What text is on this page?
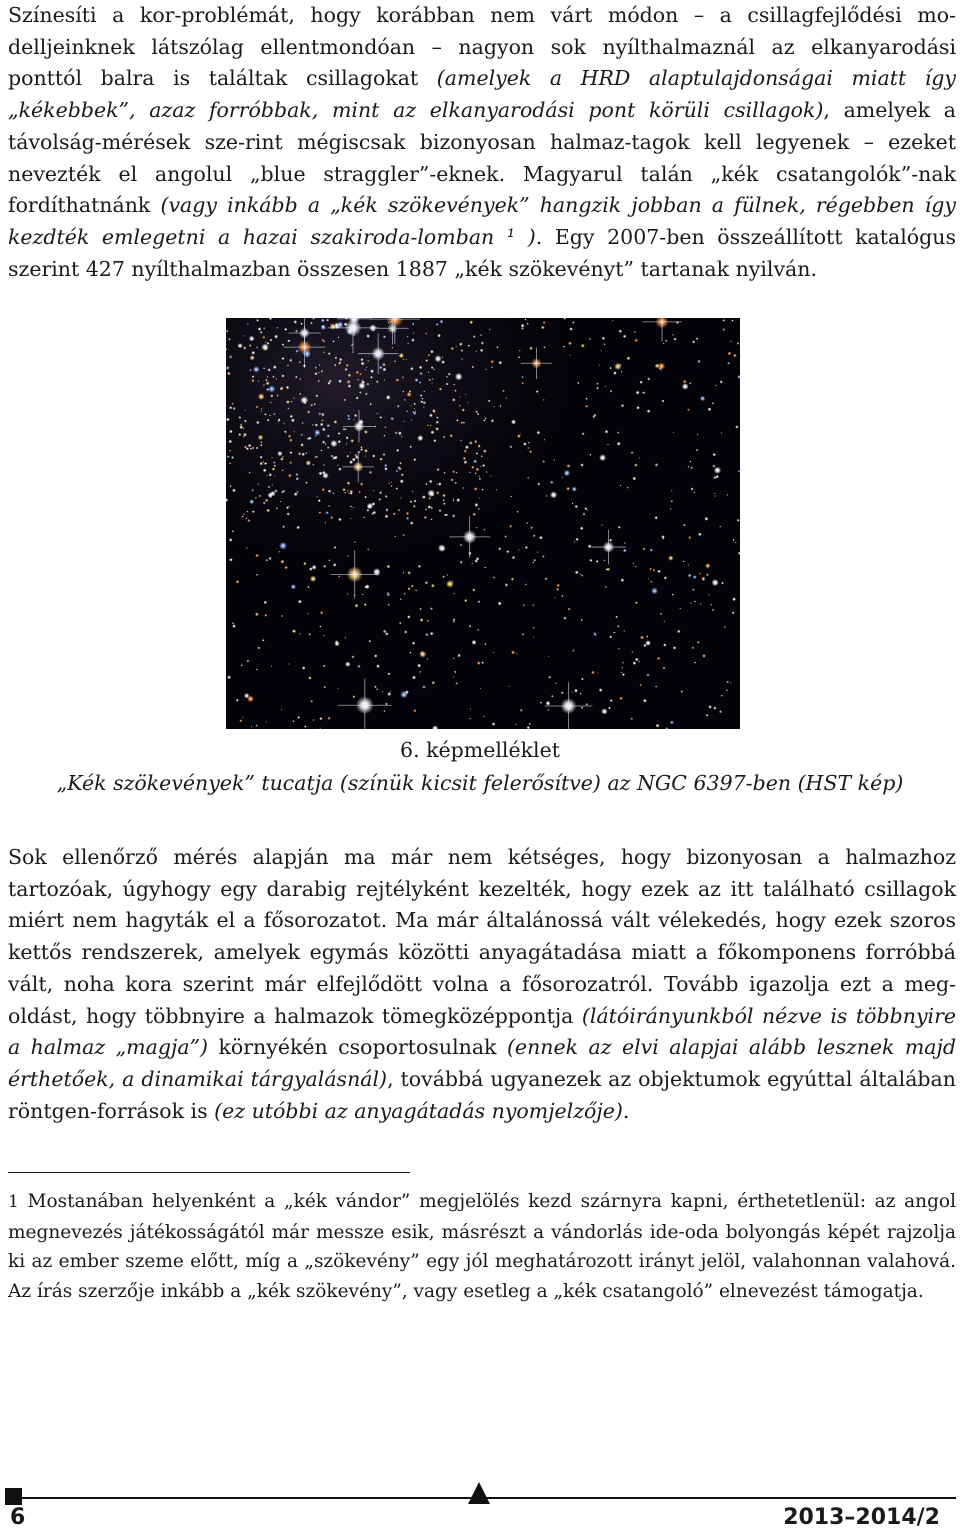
Színesíti a kor-problémát, hogy korábban nem várt módon – a csillagfejlődési mo-delljeinknek látszólag ellentmondóan – nagyon sok nyílthalmaznál az elkanyarodási ponttól balra is találtak csillagokat (amelyek a HRD alaptulajdonságai miatt így „kékebbek”, azaz forróbbak, mint az elkanyarodási pont körüli csillagok), amelyek a távolság-mérések sze-rint mégiscsak bizonyosan halmaz-tagok kell legyenek – ezeket nevezték el angolul „blue straggler”-eknek. Magyarul talán „kék csatangolók”-nak fordíthatnánk (vagy inkább a „kék szökevények” hangzik jobban a fülnek, régebben így kezdték emlegetni a hazai szakiroda-lomban ¹ ). Egy 2007-ben összeállított katalógus szerint 427 nyílthalmazban összesen 1887 „kék szökevényt” tartanak nyilván.

6. képmelléklet
„Kék szökevények” tucatja (színük kicsit felerősítve) az NGC 6397-ben (HST kép)

Sok ellenőrző mérés alapján ma már nem kétséges, hogy bizonyosan a halmazhoz tartozóak, úgyhogy egy darabig rejtélyként kezelték, hogy ezek az itt található csillagok miért nem hagyták el a fősorozatot. Ma már általánossá vált vélekedés, hogy ezek szoros kettős rendszerek, amelyek egymás közötti anyagátadása miatt a főkomponens forróbbá vált, noha kora szerint már elfejlődött volna a fősorozatról. Tovább igazolja ezt a meg-oldást, hogy többnyire a halmazok tömegközéppontja (látóirányunkból nézve is többnyire a halmaz „magja”) környékén csoportosulnak (ennek az elvi alapjai alább lesznek majd érthetőek, a dinamikai tárgyalásnál), továbbá ugyanezek az objektumok egyúttal általában röntgen-források is (ez utóbbi az anyagátadás nyomjelzője).

1 Mostanában helyenként a „kék vándor” megjelölés kezd szárnyra kapni, érthetetlenül: az angol megnevezés játékosságától már messze esik, másrészt a vándorlás ide-oda bolyongás képét rajzolja ki az ember szeme előtt, míg a „szökevény” egy jól meghatározott irányt jelöl, valahonnan valahová. Az írás szerzője inkább a „kék szökevény”, vagy esetleg a „kék csatangoló” elnevezést támogatja.

6	2013–2014/2
